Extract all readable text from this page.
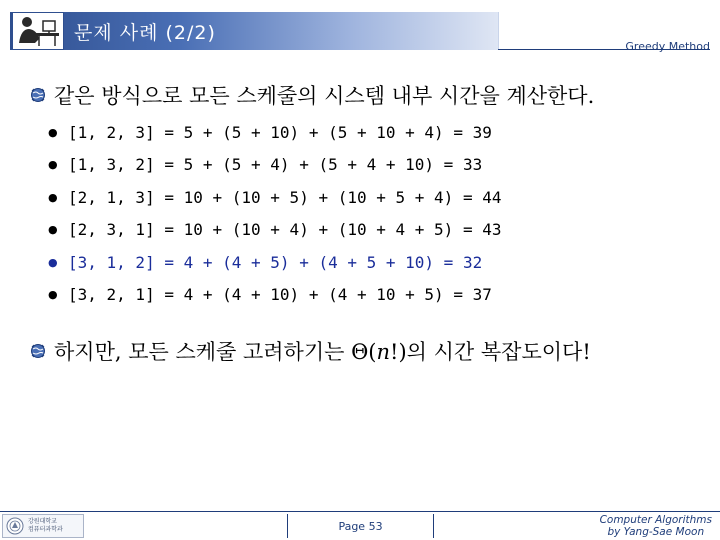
문제 사례 (2/2)
Greedy Method
같은 방식으로 모든 스케줄의 시스템 내부 시간을 계산한다.
● [1, 2, 3] = 5 + (5 + 10) + (5 + 10 + 4) = 39
● [1, 3, 2] = 5 + (5 + 4) + (5 + 4 + 10) = 33
● [2, 1, 3] = 10 + (10 + 5) + (10 + 5 + 4) = 44
● [2, 3, 1] = 10 + (10 + 4) + (10 + 4 + 5) = 43
● [3, 1, 2] = 4 + (4 + 5) + (4 + 5 + 10) = 32
● [3, 2, 1] = 4 + (4 + 10) + (4 + 10 + 5) = 37
하지만, 모든 스케줄 고려하기는 Θ(n!)의 시간 복잡도이다!
강원대학교
컴퓨터과학과	Page 53	Computer Algorithms
by Yang-Sae Moon
